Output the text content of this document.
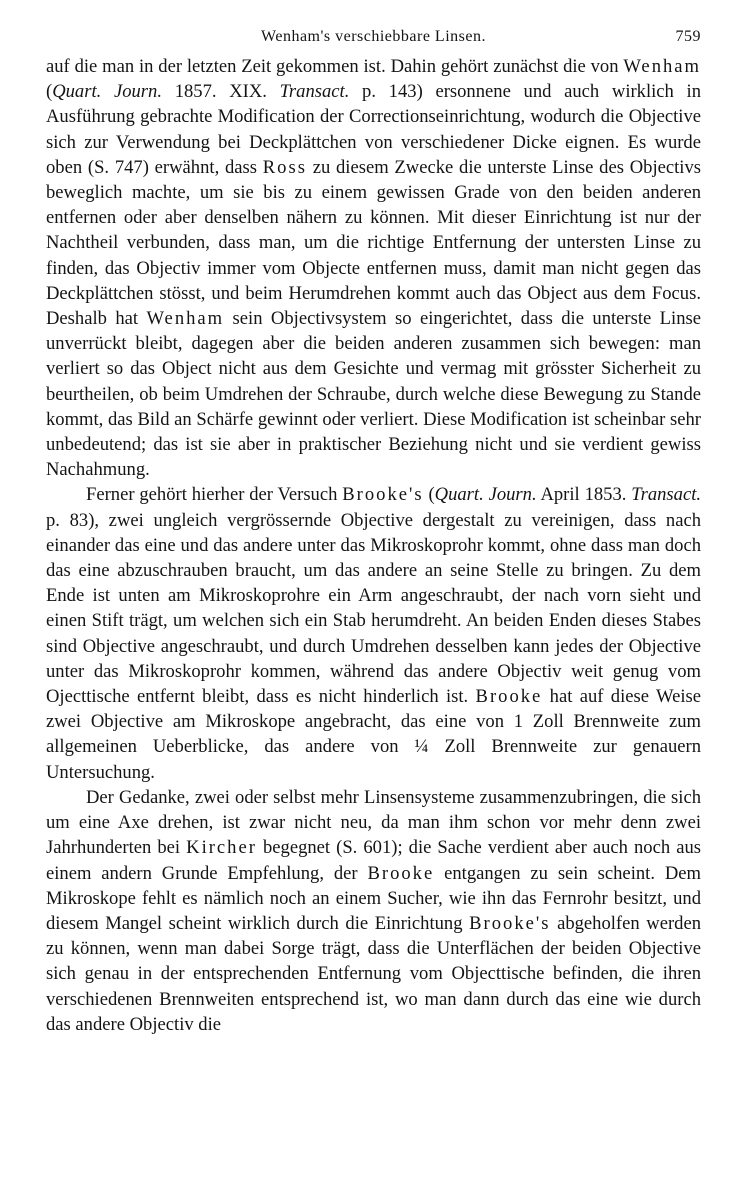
Wenham's verschiebbare Linsen.	759

auf die man in der letzten Zeit gekommen ist. Dahin gehört zunächst die von Wenham (Quart. Journ. 1857. XIX. Transact. p. 143) ersonnene und auch wirklich in Ausführung gebrachte Modification der Correctionseinrichtung, wodurch die Objective sich zur Verwendung bei Deckplättchen von verschiedener Dicke eignen. Es wurde oben (S. 747) erwähnt, dass Ross zu diesem Zwecke die unterste Linse des Objectivs beweglich machte, um sie bis zu einem gewissen Grade von den beiden anderen entfernen oder aber denselben nähern zu können. Mit dieser Einrichtung ist nur der Nachtheil verbunden, dass man, um die richtige Entfernung der untersten Linse zu finden, das Objectiv immer vom Objecte entfernen muss, damit man nicht gegen das Deckplättchen stösst, und beim Herumdrehen kommt auch das Object aus dem Focus. Deshalb hat Wenham sein Objectivsystem so eingerichtet, dass die unterste Linse unverrückt bleibt, dagegen aber die beiden anderen zusammen sich bewegen: man verliert so das Object nicht aus dem Gesichte und vermag mit grösster Sicherheit zu beurtheilen, ob beim Umdrehen der Schraube, durch welche diese Bewegung zu Stande kommt, das Bild an Schärfe gewinnt oder verliert. Diese Modification ist scheinbar sehr unbedeutend; das ist sie aber in praktischer Beziehung nicht und sie verdient gewiss Nachahmung.

Ferner gehört hierher der Versuch Brooke's (Quart. Journ. April 1853. Transact. p. 83), zwei ungleich vergrössernde Objective dergestalt zu vereinigen, dass nach einander das eine und das andere unter das Mikroskoprohr kommt, ohne dass man doch das eine abzuschrauben braucht, um das andere an seine Stelle zu bringen. Zu dem Ende ist unten am Mikroskoprohre ein Arm angeschraubt, der nach vorn sieht und einen Stift trägt, um welchen sich ein Stab herumdreht. An beiden Enden dieses Stabes sind Objective angeschraubt, und durch Umdrehen desselben kann jedes der Objective unter das Mikroskoprohr kommen, während das andere Objectiv weit genug vom Ojecttische entfernt bleibt, dass es nicht hinderlich ist. Brooke hat auf diese Weise zwei Objective am Mikroskope angebracht, das eine von 1 Zoll Brennweite zum allgemeinen Ueberblicke, das andere von ¼ Zoll Brennweite zur genauern Untersuchung.

Der Gedanke, zwei oder selbst mehr Linsensysteme zusammenzubringen, die sich um eine Axe drehen, ist zwar nicht neu, da man ihm schon vor mehr denn zwei Jahrhunderten bei Kircher begegnet (S. 601); die Sache verdient aber auch noch aus einem andern Grunde Empfehlung, der Brooke entgangen zu sein scheint. Dem Mikroskope fehlt es nämlich noch an einem Sucher, wie ihn das Fernrohr besitzt, und diesem Mangel scheint wirklich durch die Einrichtung Brooke's abgeholfen werden zu können, wenn man dabei Sorge trägt, dass die Unterflächen der beiden Objective sich genau in der entsprechenden Entfernung vom Objecttische befinden, die ihren verschiedenen Brennweiten entsprechend ist, wo man dann durch das eine wie durch das andere Objectiv die
